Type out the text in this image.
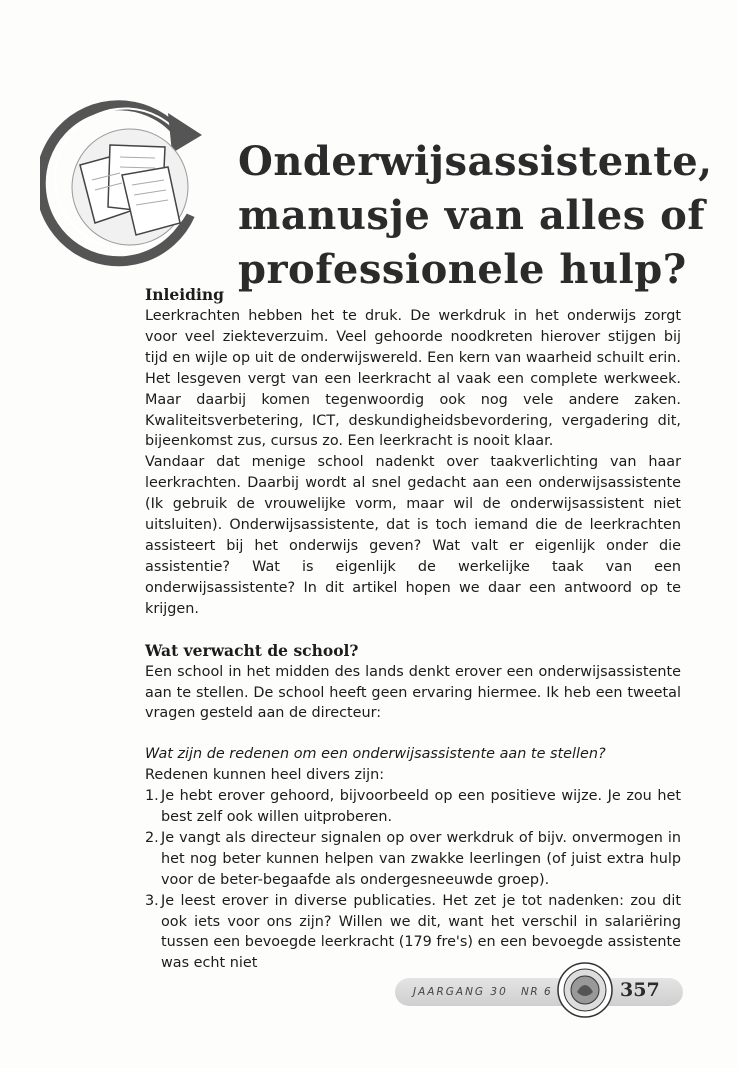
Onderwijsassistente,
manusje van alles of
professionele hulp?
Inleiding

Leerkrachten hebben het te druk. De werkdruk in het onderwijs zorgt voor veel ziekteverzuim. Veel gehoorde noodkreten hierover stijgen bij tijd en wijle op uit de onderwijswereld. Een kern van waarheid schuilt erin. Het lesgeven vergt van een leerkracht al vaak een complete werkweek. Maar daarbij komen tegenwoordig ook nog vele andere zaken. Kwaliteitsverbetering, ICT, deskundigheidsbevordering, vergadering dit, bijeenkomst zus, cursus zo. Een leerkracht is nooit klaar.

Vandaar dat menige school nadenkt over taakverlichting van haar leerkrachten. Daarbij wordt al snel gedacht aan een onderwijsassistente (Ik gebruik de vrouwelijke vorm, maar wil de onderwijsassistent niet uitsluiten). Onderwijsassistente, dat is toch iemand die de leerkrachten assisteert bij het onderwijs geven? Wat valt er eigenlijk onder die assistentie? Wat is eigenlijk de werkelijke taak van een onderwijsassistente? In dit artikel hopen we daar een antwoord op te krijgen.

Wat verwacht de school?

Een school in het midden des lands denkt erover een onderwijsassistente aan te stellen. De school heeft geen ervaring hiermee. Ik heb een tweetal vragen gesteld aan de directeur:

Wat zijn de redenen om een onderwijsassistente aan te stellen?

Redenen kunnen heel divers zijn:

1. Je hebt erover gehoord, bijvoorbeeld op een positieve wijze. Je zou het best zelf ook willen uitproberen.
2. Je vangt als directeur signalen op over werkdruk of bijv. onvermogen in het nog beter kunnen helpen van zwakke leerlingen (of juist extra hulp voor de beter-begaafde als ondergesneeuwde groep).
3. Je leest erover in diverse publicaties. Het zet je tot nadenken: zou dit ook iets voor ons zijn? Willen we dit, want het verschil in salariëring tussen een bevoegde leerkracht (179 fre's) en een bevoegde assistente was echt niet
JAARGANG 30 NR 6	357
